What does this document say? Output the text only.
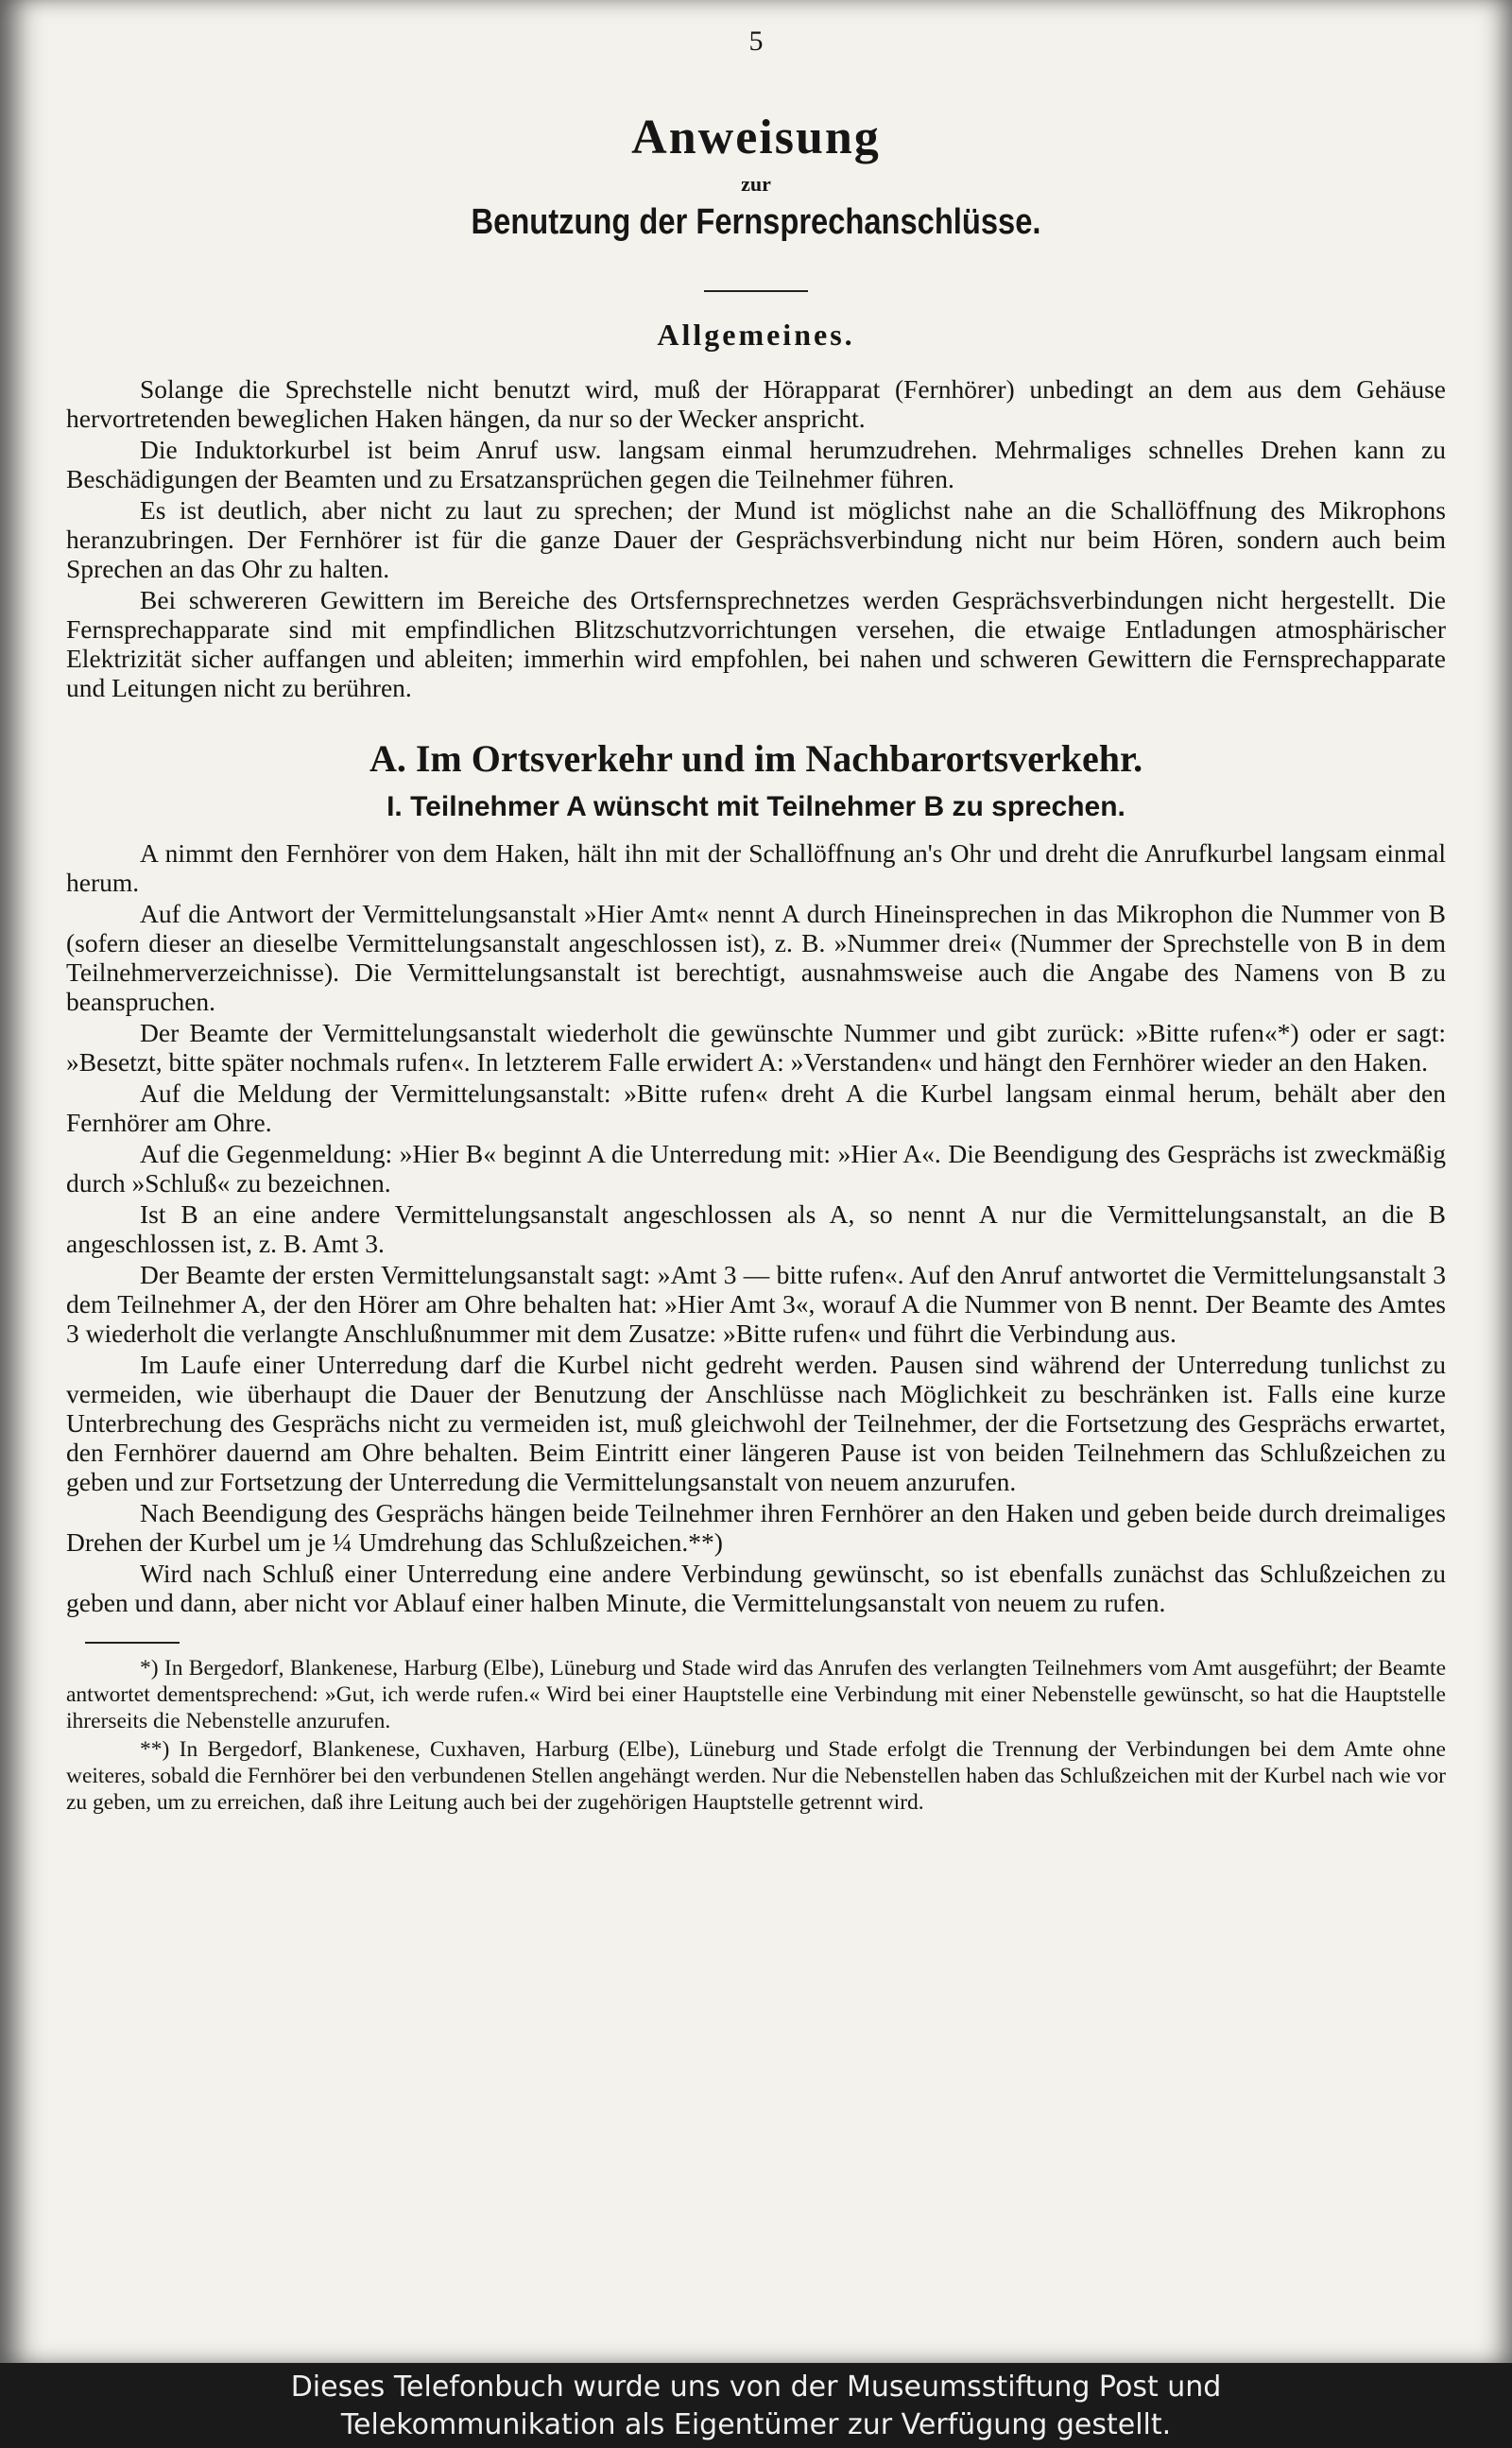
5
Anweisung
zur
Benutzung der Fernsprechanschlüsse.
Allgemeines.

Solange die Sprechstelle nicht benutzt wird, muß der Hörapparat (Fernhörer) unbedingt an dem aus dem Gehäuse hervortretenden beweglichen Haken hängen, da nur so der Wecker anspricht.

Die Induktorkurbel ist beim Anruf usw. langsam einmal herumzudrehen. Mehrmaliges schnelles Drehen kann zu Beschädigungen der Beamten und zu Ersatzansprüchen gegen die Teilnehmer führen.

Es ist deutlich, aber nicht zu laut zu sprechen; der Mund ist möglichst nahe an die Schallöffnung des Mikrophons heranzubringen. Der Fernhörer ist für die ganze Dauer der Gesprächsverbindung nicht nur beim Hören, sondern auch beim Sprechen an das Ohr zu halten.

Bei schwereren Gewittern im Bereiche des Ortsfernsprechnetzes werden Gesprächsverbindungen nicht hergestellt. Die Fernsprechapparate sind mit empfindlichen Blitzschutzvorrichtungen versehen, die etwaige Entladungen atmosphärischer Elektrizität sicher auffangen und ableiten; immerhin wird empfohlen, bei nahen und schweren Gewittern die Fernsprechapparate und Leitungen nicht zu berühren.

A. Im Ortsverkehr und im Nachbarortsverkehr.
I. Teilnehmer A wünscht mit Teilnehmer B zu sprechen.

A nimmt den Fernhörer von dem Haken, hält ihn mit der Schallöffnung an's Ohr und dreht die Anrufkurbel langsam einmal herum.

Auf die Antwort der Vermittelungsanstalt »Hier Amt« nennt A durch Hineinsprechen in das Mikrophon die Nummer von B (sofern dieser an dieselbe Vermittelungsanstalt angeschlossen ist), z. B. »Nummer drei« (Nummer der Sprechstelle von B in dem Teilnehmerverzeichnisse). Die Vermittelungsanstalt ist berechtigt, ausnahmsweise auch die Angabe des Namens von B zu beanspruchen.

Der Beamte der Vermittelungsanstalt wiederholt die gewünschte Nummer und gibt zurück: »Bitte rufen«*) oder er sagt: »Besetzt, bitte später nochmals rufen«. In letzterem Falle erwidert A: »Verstanden« und hängt den Fernhörer wieder an den Haken.

Auf die Meldung der Vermittelungsanstalt: »Bitte rufen« dreht A die Kurbel langsam einmal herum, behält aber den Fernhörer am Ohre.

Auf die Gegenmeldung: »Hier B« beginnt A die Unterredung mit: »Hier A«. Die Beendigung des Gesprächs ist zweckmäßig durch »Schluß« zu bezeichnen.

Ist B an eine andere Vermittelungsanstalt angeschlossen als A, so nennt A nur die Vermittelungsanstalt, an die B angeschlossen ist, z. B. Amt 3.

Der Beamte der ersten Vermittelungsanstalt sagt: »Amt 3 — bitte rufen«. Auf den Anruf antwortet die Vermittelungsanstalt 3 dem Teilnehmer A, der den Hörer am Ohre behalten hat: »Hier Amt 3«, worauf A die Nummer von B nennt. Der Beamte des Amtes 3 wiederholt die verlangte Anschlußnummer mit dem Zusatze: »Bitte rufen« und führt die Verbindung aus.

Im Laufe einer Unterredung darf die Kurbel nicht gedreht werden. Pausen sind während der Unterredung tunlichst zu vermeiden, wie überhaupt die Dauer der Benutzung der Anschlüsse nach Möglichkeit zu beschränken ist. Falls eine kurze Unterbrechung des Gesprächs nicht zu vermeiden ist, muß gleichwohl der Teilnehmer, der die Fortsetzung des Gesprächs erwartet, den Fernhörer dauernd am Ohre behalten. Beim Eintritt einer längeren Pause ist von beiden Teilnehmern das Schlußzeichen zu geben und zur Fortsetzung der Unterredung die Vermittelungsanstalt von neuem anzurufen.

Nach Beendigung des Gesprächs hängen beide Teilnehmer ihren Fernhörer an den Haken und geben beide durch dreimaliges Drehen der Kurbel um je ¼ Umdrehung das Schlußzeichen.**)

Wird nach Schluß einer Unterredung eine andere Verbindung gewünscht, so ist ebenfalls zunächst das Schlußzeichen zu geben und dann, aber nicht vor Ablauf einer halben Minute, die Vermittelungsanstalt von neuem zu rufen.

*) In Bergedorf, Blankenese, Harburg (Elbe), Lüneburg und Stade wird das Anrufen des verlangten Teilnehmers vom Amt ausgeführt; der Beamte antwortet dementsprechend: »Gut, ich werde rufen.« Wird bei einer Hauptstelle eine Verbindung mit einer Nebenstelle gewünscht, so hat die Hauptstelle ihrerseits die Nebenstelle anzurufen.

**) In Bergedorf, Blankenese, Cuxhaven, Harburg (Elbe), Lüneburg und Stade erfolgt die Trennung der Verbindungen bei dem Amte ohne weiteres, sobald die Fernhörer bei den verbundenen Stellen angehängt werden. Nur die Nebenstellen haben das Schlußzeichen mit der Kurbel nach wie vor zu geben, um zu erreichen, daß ihre Leitung auch bei der zugehörigen Hauptstelle getrennt wird.

Dieses Telefonbuch wurde uns von der Museumsstiftung Post und
Telekommunikation als Eigentümer zur Verfügung gestellt.
